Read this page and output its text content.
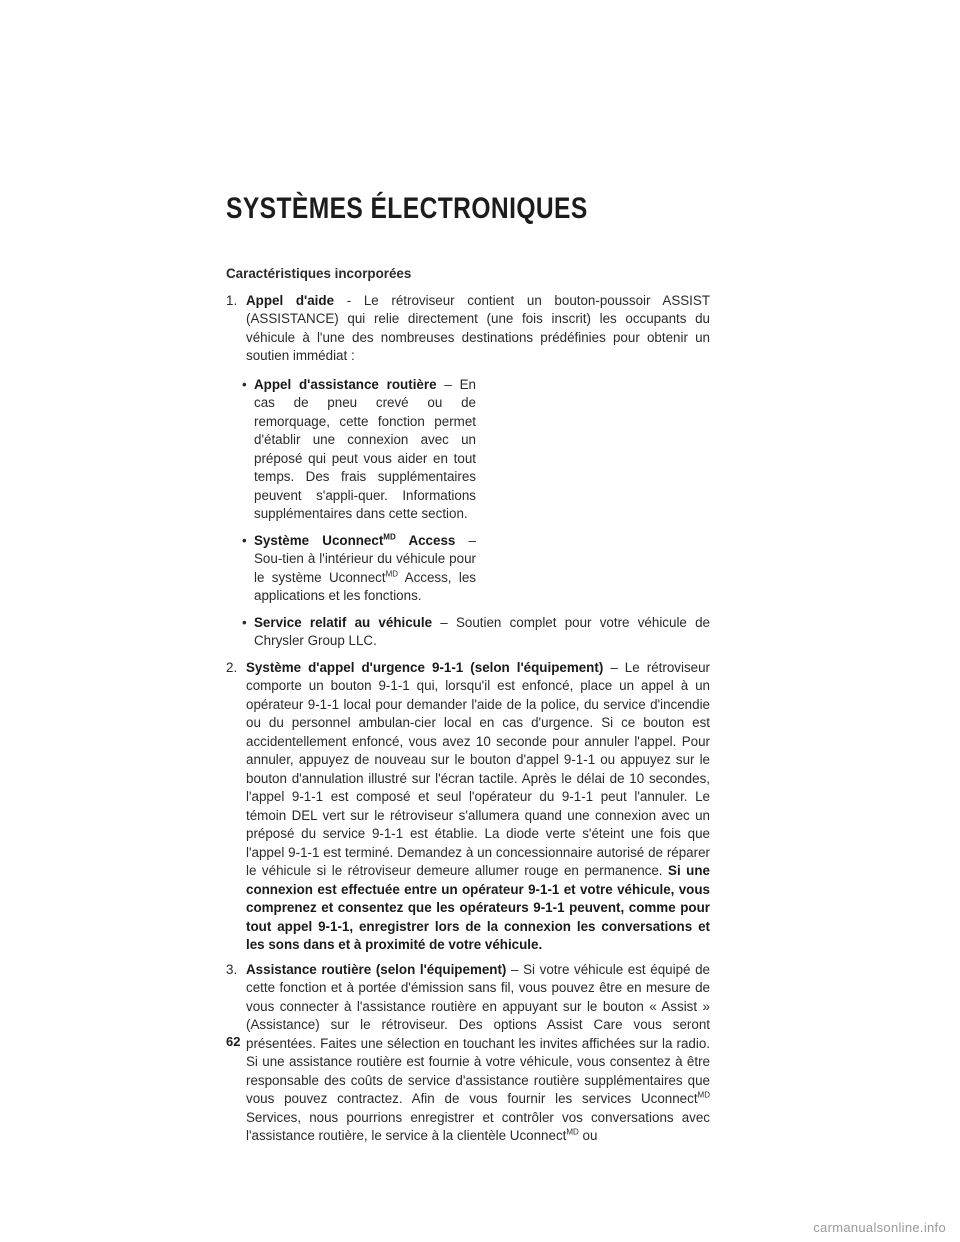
SYSTÈMES ÉLECTRONIQUES

Caractéristiques incorporées

1. Appel d'aide - Le rétroviseur contient un bouton-poussoir ASSIST (ASSISTANCE) qui relie directement (une fois inscrit) les occupants du véhicule à l'une des nombreuses destinations prédéfinies pour obtenir un soutien immédiat :

• Appel d'assistance routière – En cas de pneu crevé ou de remorquage, cette fonction permet d'établir une connexion avec un préposé qui peut vous aider en tout temps. Des frais supplémentaires peuvent s'appli-quer. Informations supplémentaires dans cette section.
• Système Uconnect$^{MD}$ Access – Sou-tien à l'intérieur du véhicule pour le système Uconnect$^{MD}$ Access, les applications et les fonctions.
• Service relatif au véhicule – Soutien complet pour votre véhicule de Chrysler Group LLC.

2. Système d'appel d'urgence 9-1-1 (selon l'équipement) – Le rétroviseur comporte un bouton 9-1-1 qui, lorsqu'il est enfoncé, place un appel à un opérateur 9-1-1 local pour demander l'aide de la police, du service d'incendie ou du personnel ambulan-cier local en cas d'urgence. Si ce bouton est accidentellement enfoncé, vous avez 10 seconde pour annuler l'appel. Pour annuler, appuyez de nouveau sur le bouton d'appel 9-1-1 ou appuyez sur le bouton d'annulation illustré sur l'écran tactile. Après le délai de 10 secondes, l'appel 9-1-1 est composé et seul l'opérateur du 9-1-1 peut l'annuler. Le témoin DEL vert sur le rétroviseur s'allumera quand une connexion avec un préposé du service 9-1-1 est établie. La diode verte s'éteint une fois que l'appel 9-1-1 est terminé. Demandez à un concessionnaire autorisé de réparer le véhicule si le rétroviseur demeure allumer rouge en permanence. Si une connexion est effectuée entre un opérateur 9-1-1 et votre véhicule, vous comprenez et consentez que les opérateurs 9-1-1 peuvent, comme pour tout appel 9-1-1, enregistrer lors de la connexion les conversations et les sons dans et à proximité de votre véhicule.

3. Assistance routière (selon l'équipement) – Si votre véhicule est équipé de cette fonction et à portée d'émission sans fil, vous pouvez être en mesure de vous connecter à l'assistance routière en appuyant sur le bouton « Assist » (Assistance) sur le rétroviseur. Des options Assist Care vous seront présentées. Faites une sélection en touchant les invites affichées sur la radio. Si une assistance routière est fournie à votre véhicule, vous consentez à être responsable des coûts de service d'assistance routière supplémentaires que vous pouvez contractez. Afin de vous fournir les services Uconnect$^{MD}$ Services, nous pourrions enregistrer et contrôler vos conversations avec l'assistance routière, le service à la clientèle Uconnect$^{MD}$ ou

62
carmanualsonline.info
